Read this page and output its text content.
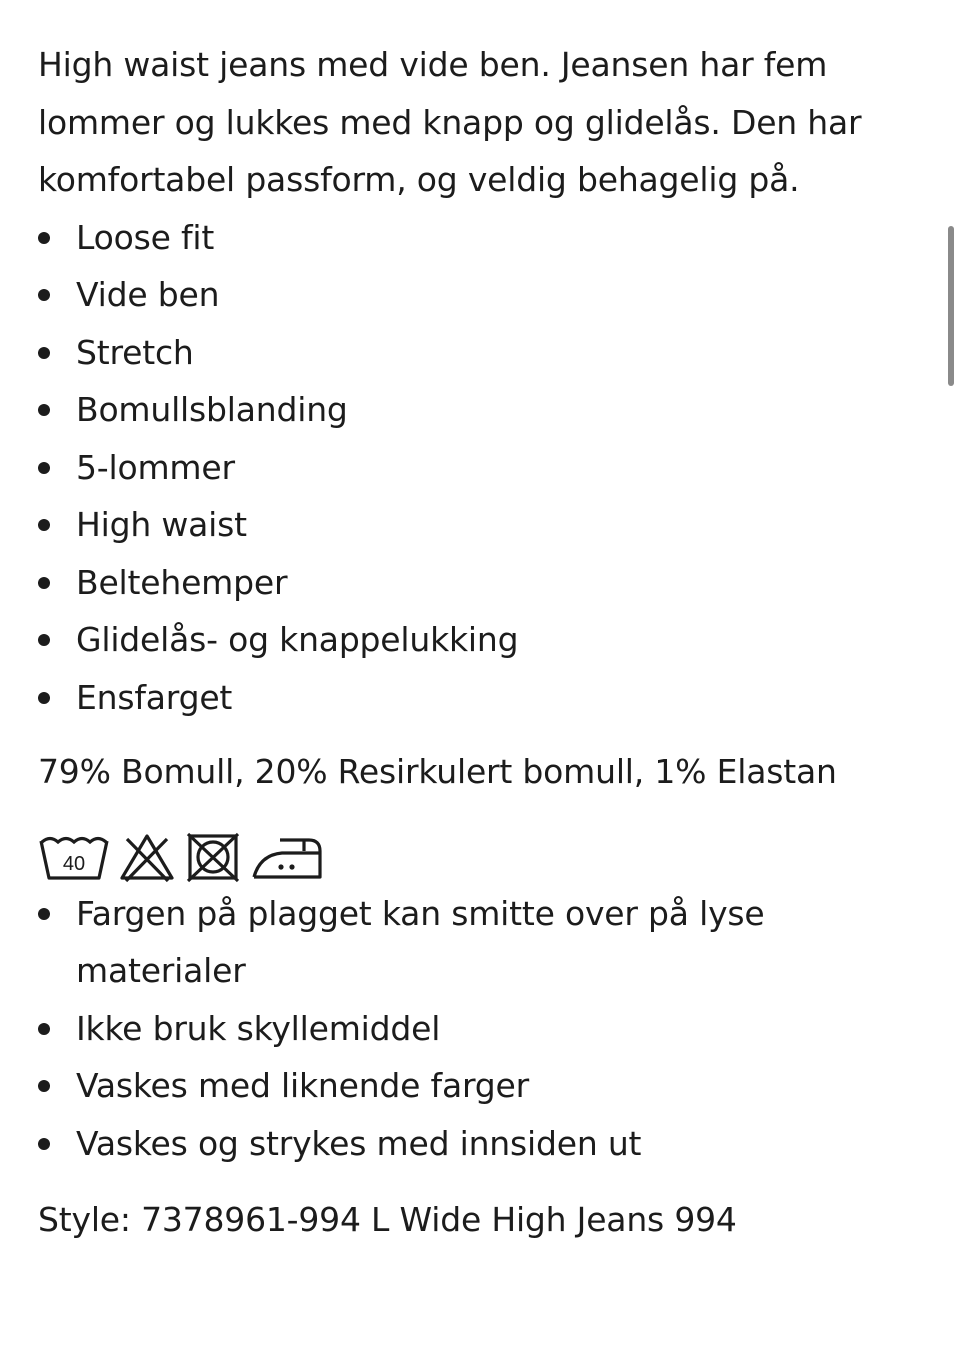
High waist jeans med vide ben. Jeansen har fem lommer og lukkes med knapp og glidelås. Den har komfortabel passform, og veldig behagelig på.

Loose fit
Vide ben
Stretch
Bomullsblanding
5-lommer
High waist
Beltehemper
Glidelås- og knappelukking
Ensfarget

79% Bomull, 20% Resirkulert bomull, 1% Elastan

40
Fargen på plagget kan smitte over på lyse materialer
Ikke bruk skyllemiddel
Vaskes med liknende farger
Vaskes og strykes med innsiden ut

Style: 7378961-994 L Wide High Jeans 994
